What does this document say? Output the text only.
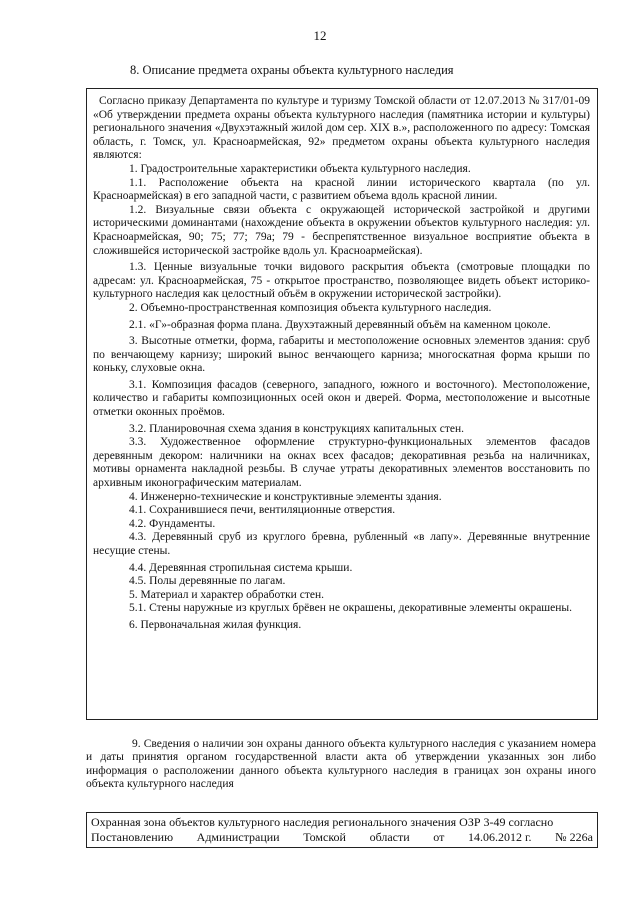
12
8. Описание предмета охраны объекта культурного наследия

Согласно приказу Департамента по культуре и туризму Томской области от 12.07.2013 № 317/01-09 «Об утверждении предмета охраны объекта культурного наследия (памятника истории и культуры) регионального значения «Двухэтажный жилой дом сер. XIX в.», расположенного по адресу: Томская область, г. Томск, ул. Красноармейская, 92» предметом охраны объекта культурного наследия являются:

1. Градостроительные характеристики объекта культурного наследия.

1.1. Расположение объекта на красной линии исторического квартала (по ул. Красноармейская) в его западной части, с развитием объема вдоль красной линии.

1.2. Визуальные связи объекта с окружающей исторической застройкой и другими историческими доминантами (нахождение объекта в окружении объектов культурного наследия: ул. Красноармейская, 90; 75; 77; 79а; 79 - беспрепятственное визуальное восприятие объекта в сложившейся исторической застройке вдоль ул. Красноармейская).

1.3. Ценные визуальные точки видового раскрытия объекта (смотровые площадки по адресам: ул. Красноармейская, 75 - открытое пространство, позволяющее видеть объект историко-культурного наследия как целостный объём в окружении исторической застройки).

2. Объемно-пространственная композиция объекта культурного наследия.

2.1. «Г»-образная форма плана. Двухэтажный деревянный объём на каменном цоколе.

3. Высотные отметки, форма, габариты и местоположение основных элементов здания: сруб по венчающему карнизу; широкий вынос венчающего карниза; многоскатная форма крыши по коньку, слуховые окна.

3.1. Композиция фасадов (северного, западного, южного и восточного). Местоположение, количество и габариты композиционных осей окон и дверей. Форма, местоположение и высотные отметки оконных проёмов.

3.2. Планировочная схема здания в конструкциях капитальных стен.

3.3. Художественное оформление структурно-функциональных элементов фасадов деревянным декором: наличники на окнах всех фасадов; декоративная резьба на наличниках, мотивы орнамента накладной резьбы. В случае утраты декоративных элементов восстановить по архивным иконографическим материалам.

4. Инженерно-технические и конструктивные элементы здания.

4.1. Сохранившиеся печи, вентиляционные отверстия.

4.2. Фундаменты.

4.3. Деревянный сруб из круглого бревна, рубленный «в лапу». Деревянные внутренние несущие стены.

4.4. Деревянная стропильная система крыши.

4.5. Полы деревянные по лагам.

5. Материал и характер обработки стен.

5.1. Стены наружные из круглых брёвен не окрашены, декоративные элементы окрашены.

6. Первоначальная жилая функция.

9. Сведения о наличии зон охраны данного объекта культурного наследия с указанием номера и даты принятия органом государственной власти акта об утверждении указанных зон либо информация о расположении данного объекта культурного наследия в границах зон охраны иного объекта культурного наследия
Охранная зона объектов культурного наследия регионального значения ОЗР 3-49 согласно
Постановлению Администрации Томской области от 14.06.2012 г. № 226а
